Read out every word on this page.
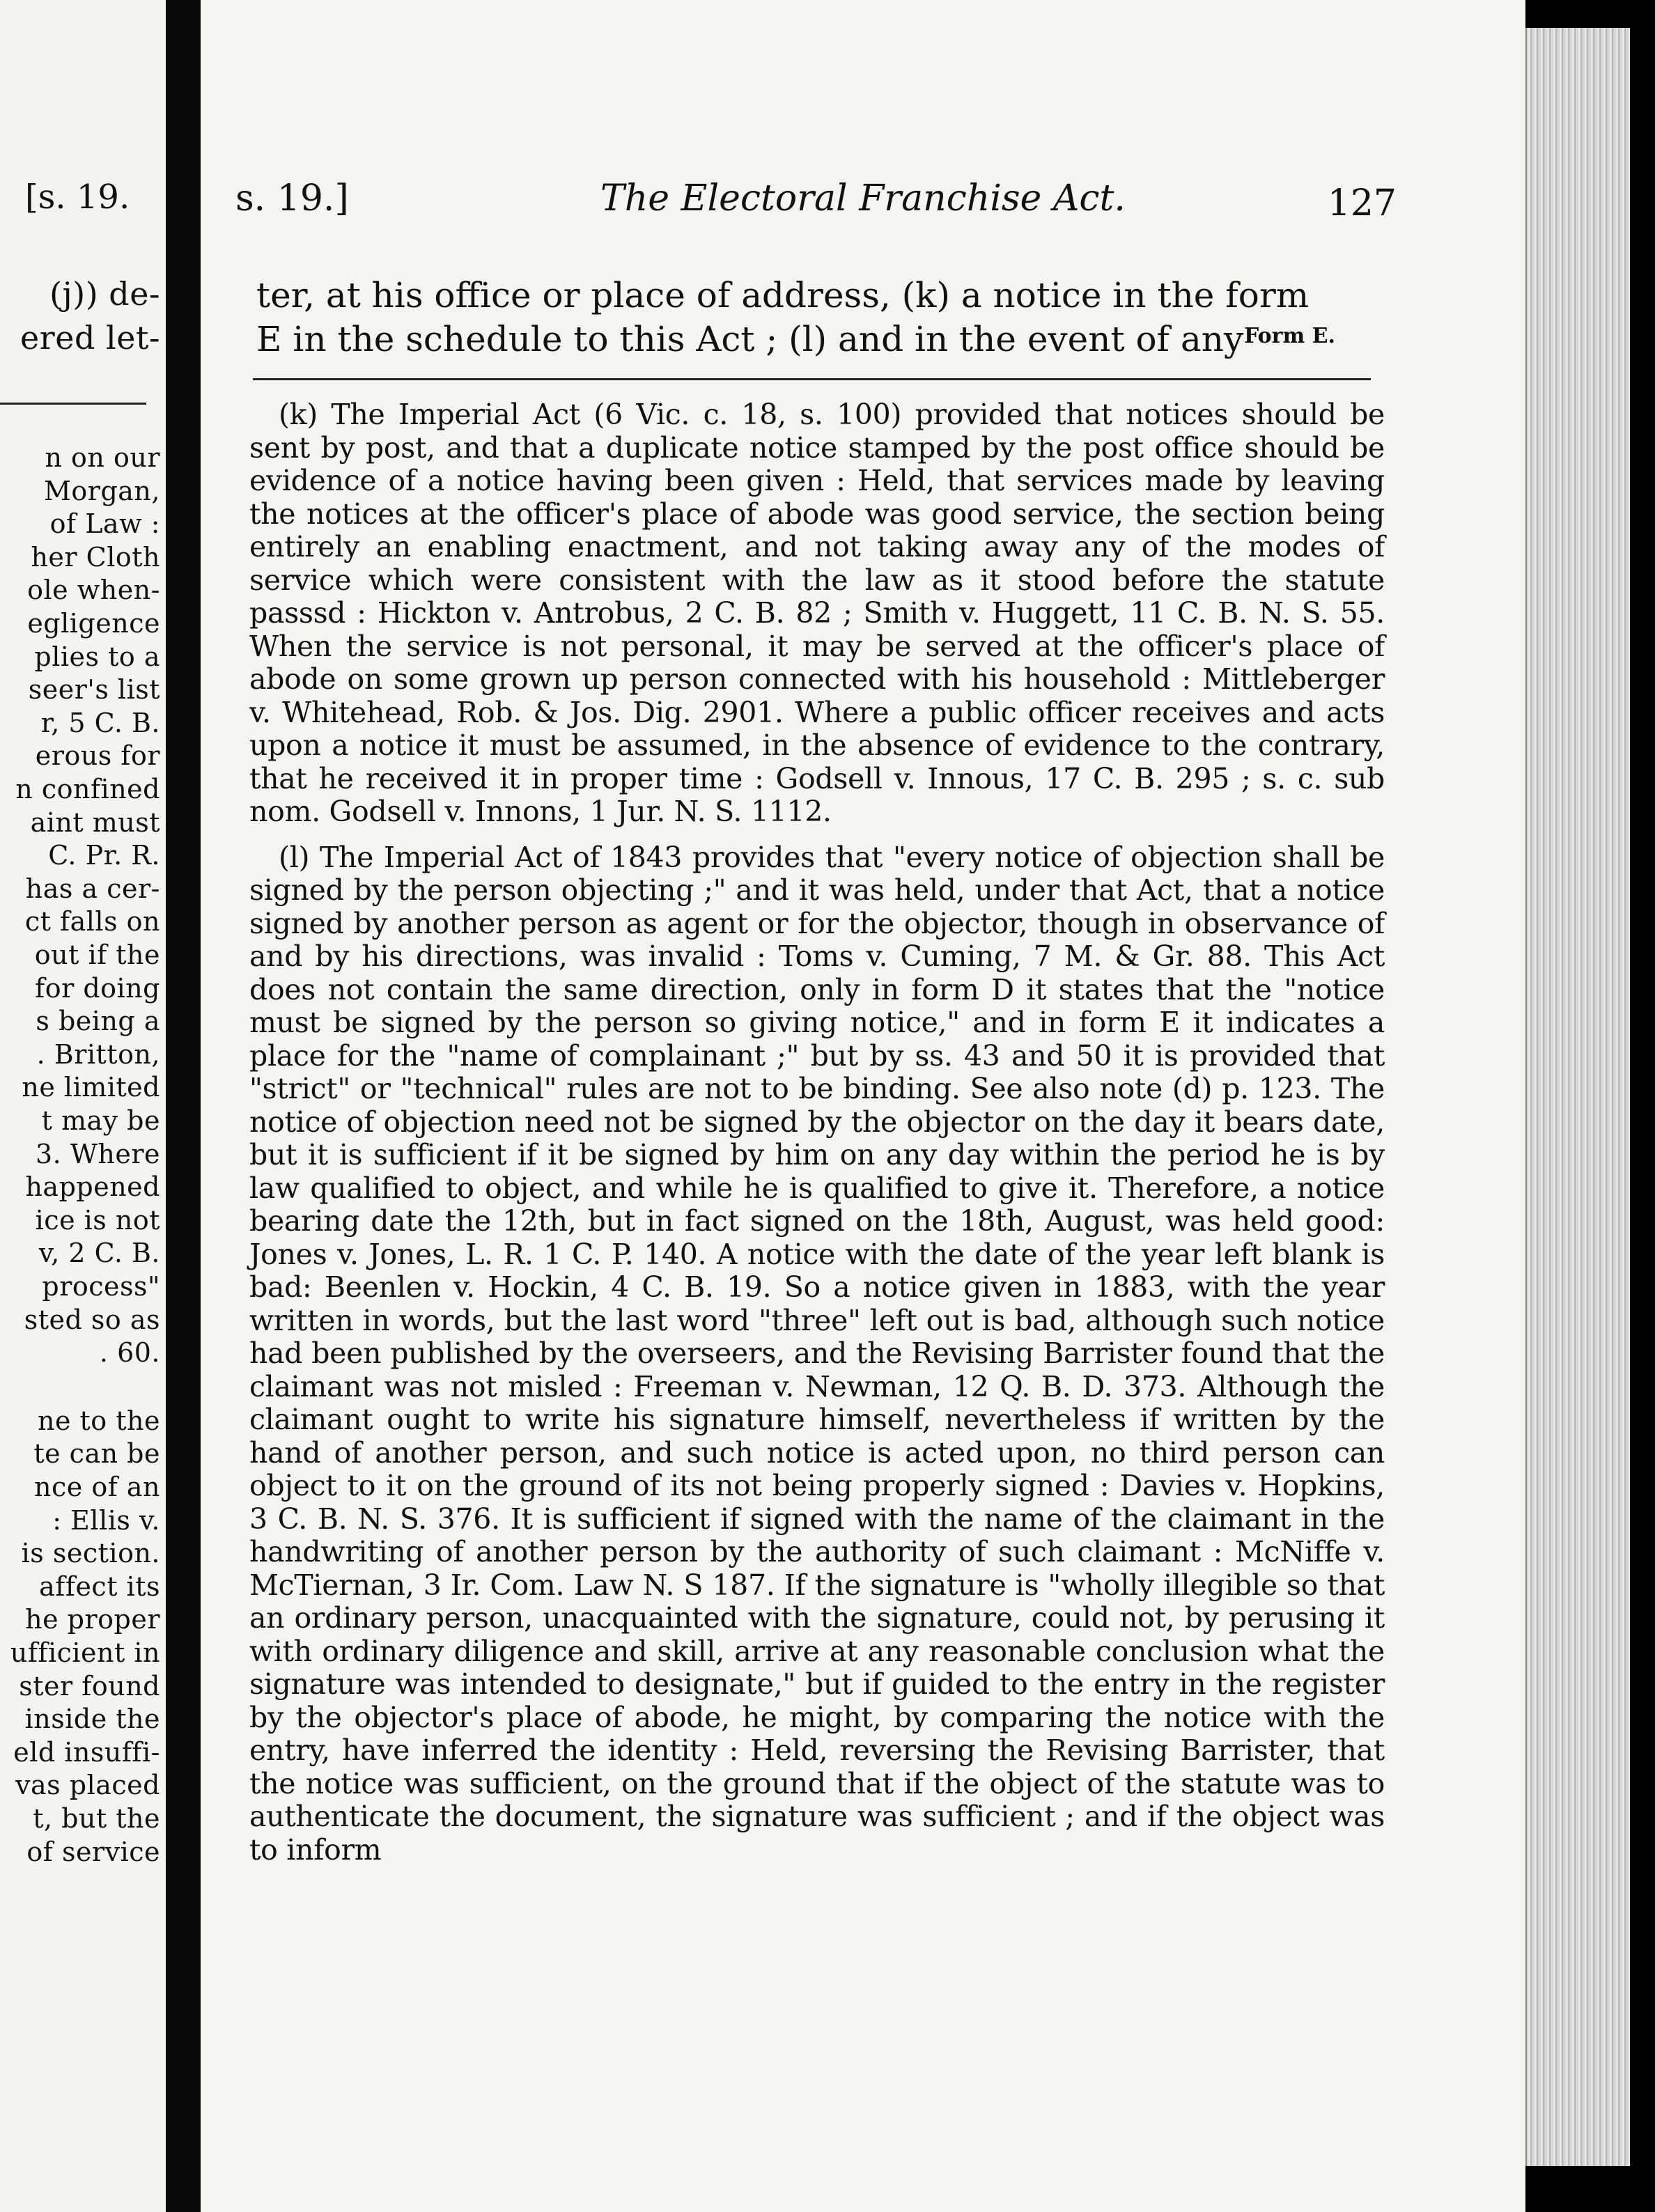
[s. 19.
(j)) de-
ered let-
n on our
Morgan,
of Law :
her Cloth
ole when-
egligence
plies to a
seer's list
r, 5 C. B.
erous for
n confined
aint must
C. Pr. R.
has a cer-
ct falls on
out if the
for doing
s being a
. Britton,
ne limited
t may be
3. Where
happened
ice is not
v, 2 C. B.
process"
sted so as
. 60.
ne to the
te can be
nce of an
: Ellis v.
is section.
affect its
he proper
ufficient in
ster found
inside the
eld insuffi-
vas placed
t, but the
of service
s. 19.]	The Electoral Franchise Act.	127
ter, at his office or place of address, (k) a notice in the form
E in the schedule to this Act ; (l) and in the event of any Form E.

(k) The Imperial Act (6 Vic. c. 18, s. 100) provided that notices should be sent by post, and that a duplicate notice stamped by the post office should be evidence of a notice having been given : Held, that services made by leaving the notices at the officer's place of abode was good service, the section being entirely an enabling enactment, and not taking away any of the modes of service which were consistent with the law as it stood before the statute passsd : Hickton v. Antrobus, 2 C. B. 82 ; Smith v. Huggett, 11 C. B. N. S. 55. When the service is not personal, it may be served at the officer's place of abode on some grown up person connected with his household : Mittleberger v. Whitehead, Rob. & Jos. Dig. 2901. Where a public officer receives and acts upon a notice it must be assumed, in the absence of evidence to the contrary, that he received it in proper time : Godsell v. Innous, 17 C. B. 295 ; s. c. sub nom. Godsell v. Innons, 1 Jur. N. S. 1112.

(l) The Imperial Act of 1843 provides that "every notice of objection shall be signed by the person objecting ;" and it was held, under that Act, that a notice signed by another person as agent or for the objector, though in observance of and by his directions, was invalid : Toms v. Cuming, 7 M. & Gr. 88. This Act does not contain the same direction, only in form D it states that the "notice must be signed by the person so giving notice," and in form E it indicates a place for the "name of complainant ;" but by ss. 43 and 50 it is provided that "strict" or "technical" rules are not to be binding. See also note (d) p. 123. The notice of objection need not be signed by the objector on the day it bears date, but it is sufficient if it be signed by him on any day within the period he is by law qualified to object, and while he is qualified to give it. Therefore, a notice bearing date the 12th, but in fact signed on the 18th, August, was held good: Jones v. Jones, L. R. 1 C. P. 140. A notice with the date of the year left blank is bad: Beenlen v. Hockin, 4 C. B. 19. So a notice given in 1883, with the year written in words, but the last word "three" left out is bad, although such notice had been published by the overseers, and the Revising Barrister found that the claimant was not misled : Freeman v. Newman, 12 Q. B. D. 373. Although the claimant ought to write his signature himself, nevertheless if written by the hand of another person, and such notice is acted upon, no third person can object to it on the ground of its not being properly signed : Davies v. Hopkins, 3 C. B. N. S. 376. It is sufficient if signed with the name of the claimant in the handwriting of another person by the authority of such claimant : McNiffe v. McTiernan, 3 Ir. Com. Law N. S 187. If the signature is "wholly illegible so that an ordinary person, unacquainted with the signature, could not, by perusing it with ordinary diligence and skill, arrive at any reasonable conclusion what the signature was intended to designate," but if guided to the entry in the register by the objector's place of abode, he might, by comparing the notice with the entry, have inferred the identity : Held, reversing the Revising Barrister, that the notice was sufficient, on the ground that if the object of the statute was to authenticate the document, the signature was sufficient ; and if the object was to inform
